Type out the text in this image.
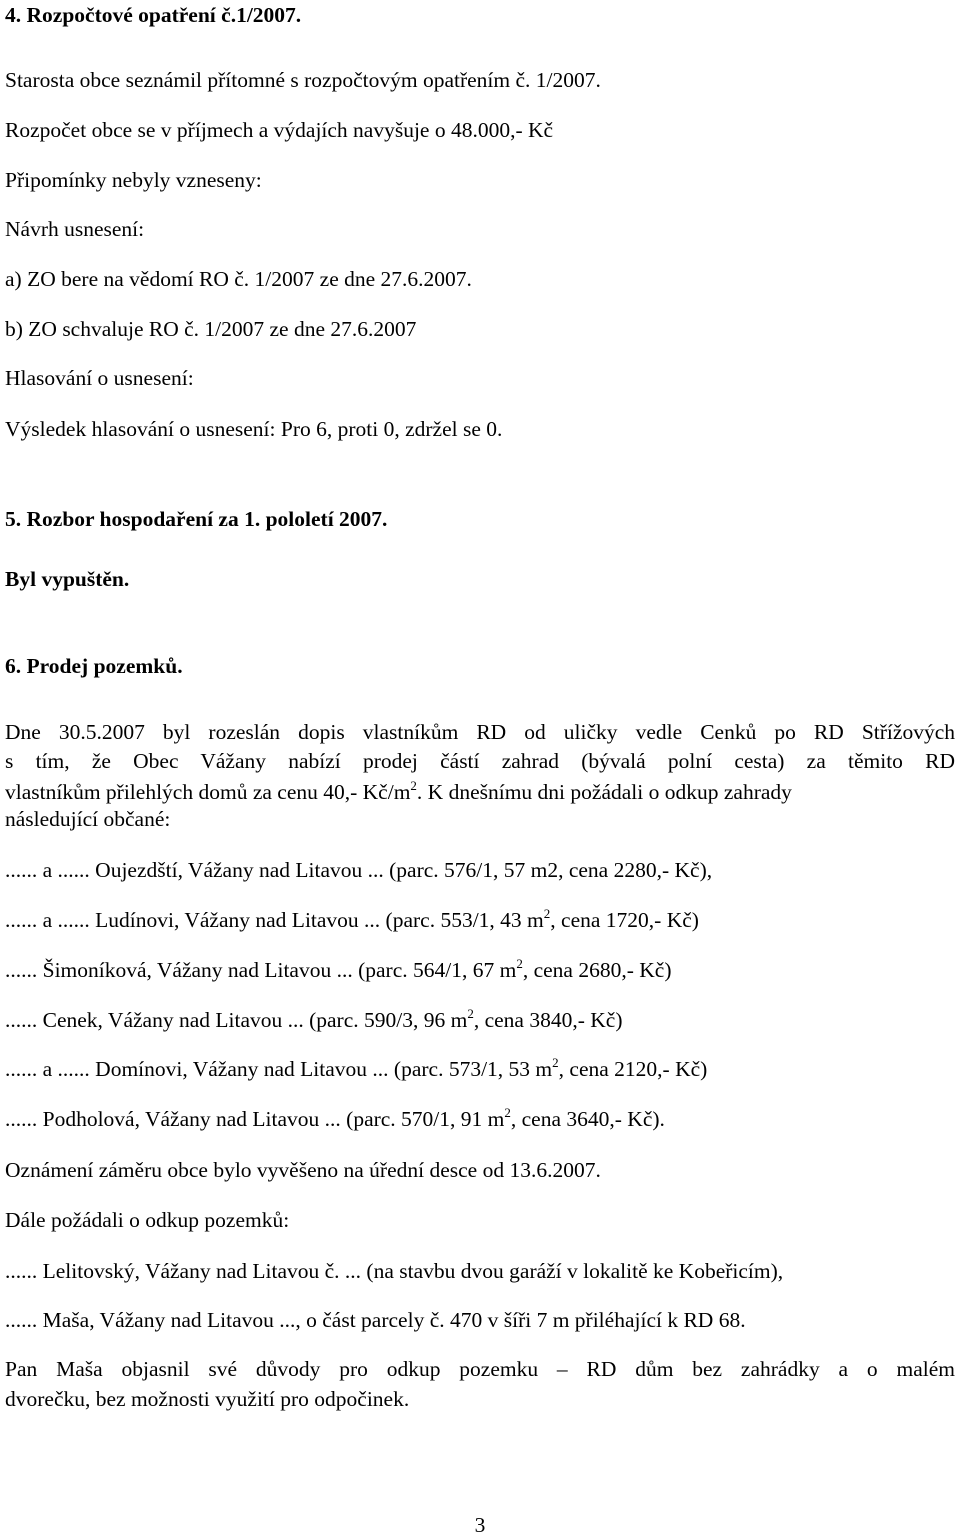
4. Rozpočtové opatření č.1/2007.
Starosta obce seznámil přítomné s rozpočtovým opatřením č. 1/2007.
Rozpočet obce se v příjmech a výdajích navyšuje o 48.000,- Kč
Připomínky nebyly vzneseny:
Návrh usnesení:
a) ZO bere na vědomí RO č. 1/2007 ze dne 27.6.2007.
b) ZO schvaluje RO č. 1/2007 ze dne 27.6.2007
Hlasování o usnesení:
Výsledek hlasování o usnesení: Pro 6, proti 0, zdržel se 0.
5. Rozbor hospodaření za 1. pololetí 2007.
Byl vypuštěn.
6. Prodej pozemků.
Dne 30.5.2007 byl rozeslán dopis vlastníkům RD od uličky vedle Cenků po RD Střížových
s tím, že Obec Vážany nabízí prodej částí zahrad (bývalá polní cesta) za těmito RD
vlastníkům přilehlých domů za cenu 40,- $Kč/m^2$. K dnešnímu dni požádali o odkup zahrady
následující občané:
...... a ...... Oujezdští, Vážany nad Litavou ... (parc. 576/1, 57 m2, cena 2280,- Kč),
...... a ...... Ludínovi, Vážany nad Litavou ... (parc. 553/1, 43 $m^2$, cena 1720,- Kč)
...... Šimoníková, Vážany nad Litavou ... (parc. 564/1, 67 $m^2$, cena 2680,- Kč)
...... Cenek, Vážany nad Litavou ... (parc. 590/3, 96 $m^2$, cena 3840,- Kč)
...... a ...... Domínovi, Vážany nad Litavou ... (parc. 573/1, 53 $m^2$, cena 2120,- Kč)
...... Podholová, Vážany nad Litavou ... (parc. 570/1, 91 $m^2$, cena 3640,- Kč).
Oznámení záměru obce bylo vyvěšeno na úřední desce od 13.6.2007.
Dále požádali o odkup pozemků:
...... Lelitovský, Vážany nad Litavou č. ... (na stavbu dvou garáží v lokalitě ke Kobeřicím),
...... Maša, Vážany nad Litavou ..., o část parcely č. 470 v šíři 7 m přiléhající k RD 68.
Pan Maša objasnil své důvody pro odkup pozemku – RD dům bez zahrádky a o malém
dvorečku, bez možnosti využití pro odpočinek.
3
